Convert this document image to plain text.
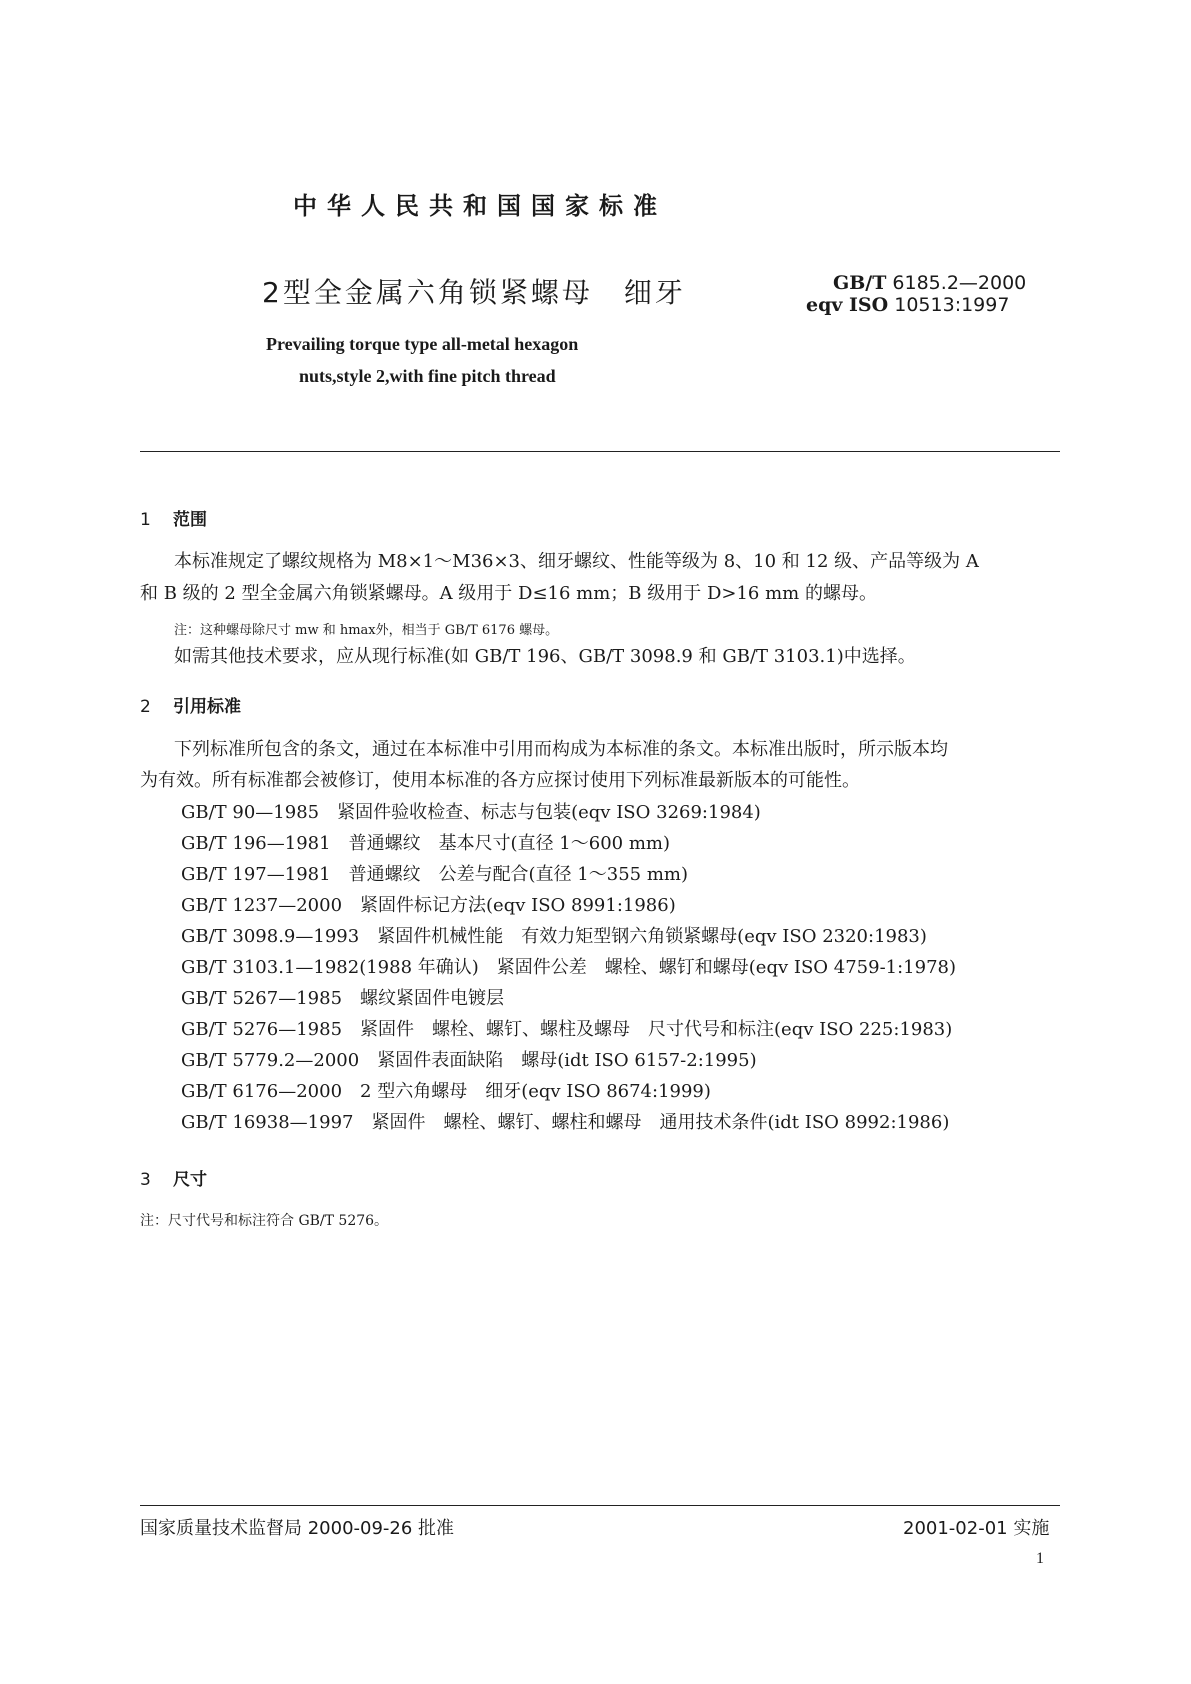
中华人民共和国国家标准
2型全金属六角锁紧螺母　细牙	GB/T 6185.2—2000
eqv ISO 10513:1997
Prevailing torque type all-metal hexagon
nuts,style 2,with fine pitch thread
1 范围
本标准规定了螺纹规格为 M8×1～M36×3、细牙螺纹、性能等级为 8、10 和 12 级、产品等级为 A
和 B 级的 2 型全金属六角锁紧螺母。A 级用于 D≤16 mm；B 级用于 D>16 mm 的螺母。
注：这种螺母除尺寸 mw 和 hmax外，相当于 GB/T 6176 螺母。
如需其他技术要求，应从现行标准(如 GB/T 196、GB/T 3098.9 和 GB/T 3103.1)中选择。
2 引用标准
下列标准所包含的条文，通过在本标准中引用而构成为本标准的条文。本标准出版时，所示版本均
为有效。所有标准都会被修订，使用本标准的各方应探讨使用下列标准最新版本的可能性。
GB/T 90—1985　紧固件验收检查、标志与包装(eqv ISO 3269:1984)
GB/T 196—1981　普通螺纹　基本尺寸(直径 1～600 mm)
GB/T 197—1981　普通螺纹　公差与配合(直径 1～355 mm)
GB/T 1237—2000　紧固件标记方法(eqv ISO 8991:1986)
GB/T 3098.9—1993　紧固件机械性能　有效力矩型钢六角锁紧螺母(eqv ISO 2320:1983)
GB/T 3103.1—1982(1988 年确认)　紧固件公差　螺栓、螺钉和螺母(eqv ISO 4759-1:1978)
GB/T 5267—1985　螺纹紧固件电镀层
GB/T 5276—1985　紧固件　螺栓、螺钉、螺柱及螺母　尺寸代号和标注(eqv ISO 225:1983)
GB/T 5779.2—2000　紧固件表面缺陷　螺母(idt ISO 6157-2:1995)
GB/T 6176—2000　2 型六角螺母　细牙(eqv ISO 8674:1999)
GB/T 16938—1997　紧固件　螺栓、螺钉、螺柱和螺母　通用技术条件(idt ISO 8992:1986)
3 尺寸
注：尺寸代号和标注符合 GB/T 5276。
国家质量技术监督局 2000-09-26 批准	2001-02-01 实施
1
